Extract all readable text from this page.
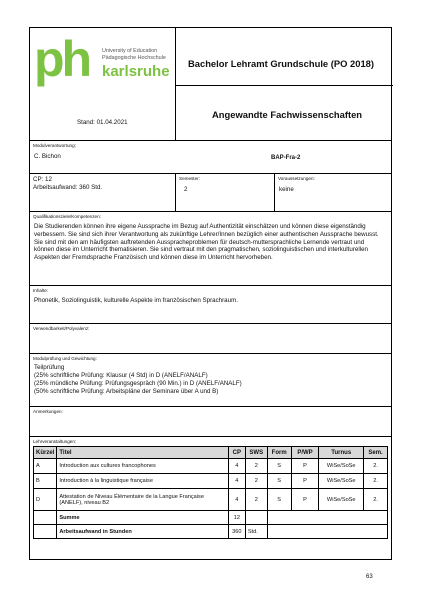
ph University of Education
Pädagogische Hochschule
karlsruhe
Stand: 01.04.2021
Bachelor Lehramt Grundschule (PO 2018)
Angewandte Fachwissenschaften
Modulverantwortung:
C. Bichon	BAP-Fra-2
CP: 12
Arbeitsaufwand: 360 Std.
Semester:
2
Voraussetzungen:
keine
Qualifikationsziele/Kompetenzen:
Die Studierenden können ihre eigene Aussprache im Bezug auf Authentizität einschätzen und können diese eigenständig verbessern. Sie sind sich ihrer Verantwortung als zukünftige Lehrer/Innen bezüglich einer authentischen Aussprache bewusst. Sie sind mit den am häufigsten auftretenden Ausspracheproblemen für deutsch-muttersprachliche Lernende vertraut und können diese im Unterricht thematisieren. Sie sind vertraut mit den pragmatischen, soziolinguistischen und interkulturellen Aspekten der Fremdsprache Französisch und können diese im Unterricht hervorheben.
Inhalte:
Phonetik, Soziolinguistik, kulturelle Aspekte im französischen Sprachraum.
Verwendbarkeit/Polyvalenz:
Modulprüfung und Gewichtung:
Teilprüfung
(25% schriftliche Prüfung: Klausur (4 Std) in D (ANELF/ANALF)
(25% mündliche Prüfung: Prüfungsgespräch (90 Min.) in D (ANELF/ANALF)
(50% schriftliche Prüfung: Arbeitspläne der Seminare über A und B)
Anmerkungen:
Lehrveranstaltungen:
Kürzel	Titel	CP	SWS	Form	P/WP	Turnus	Sem.
A	Introduction aux cultures francophones	4	2	S	P	WiSe/SoSe	2.
B	Introduction à la linguistique française	4	2	S	P	WiSe/SoSe	2.
D	Attestation de Niveau Élémentaire de la Langue Française (ANELF), niveau B2	4	2	S	P	WiSe/SoSe	2.
	Summe	12					
	Arbeitsaufwand in Stunden	360	Std.				
63
